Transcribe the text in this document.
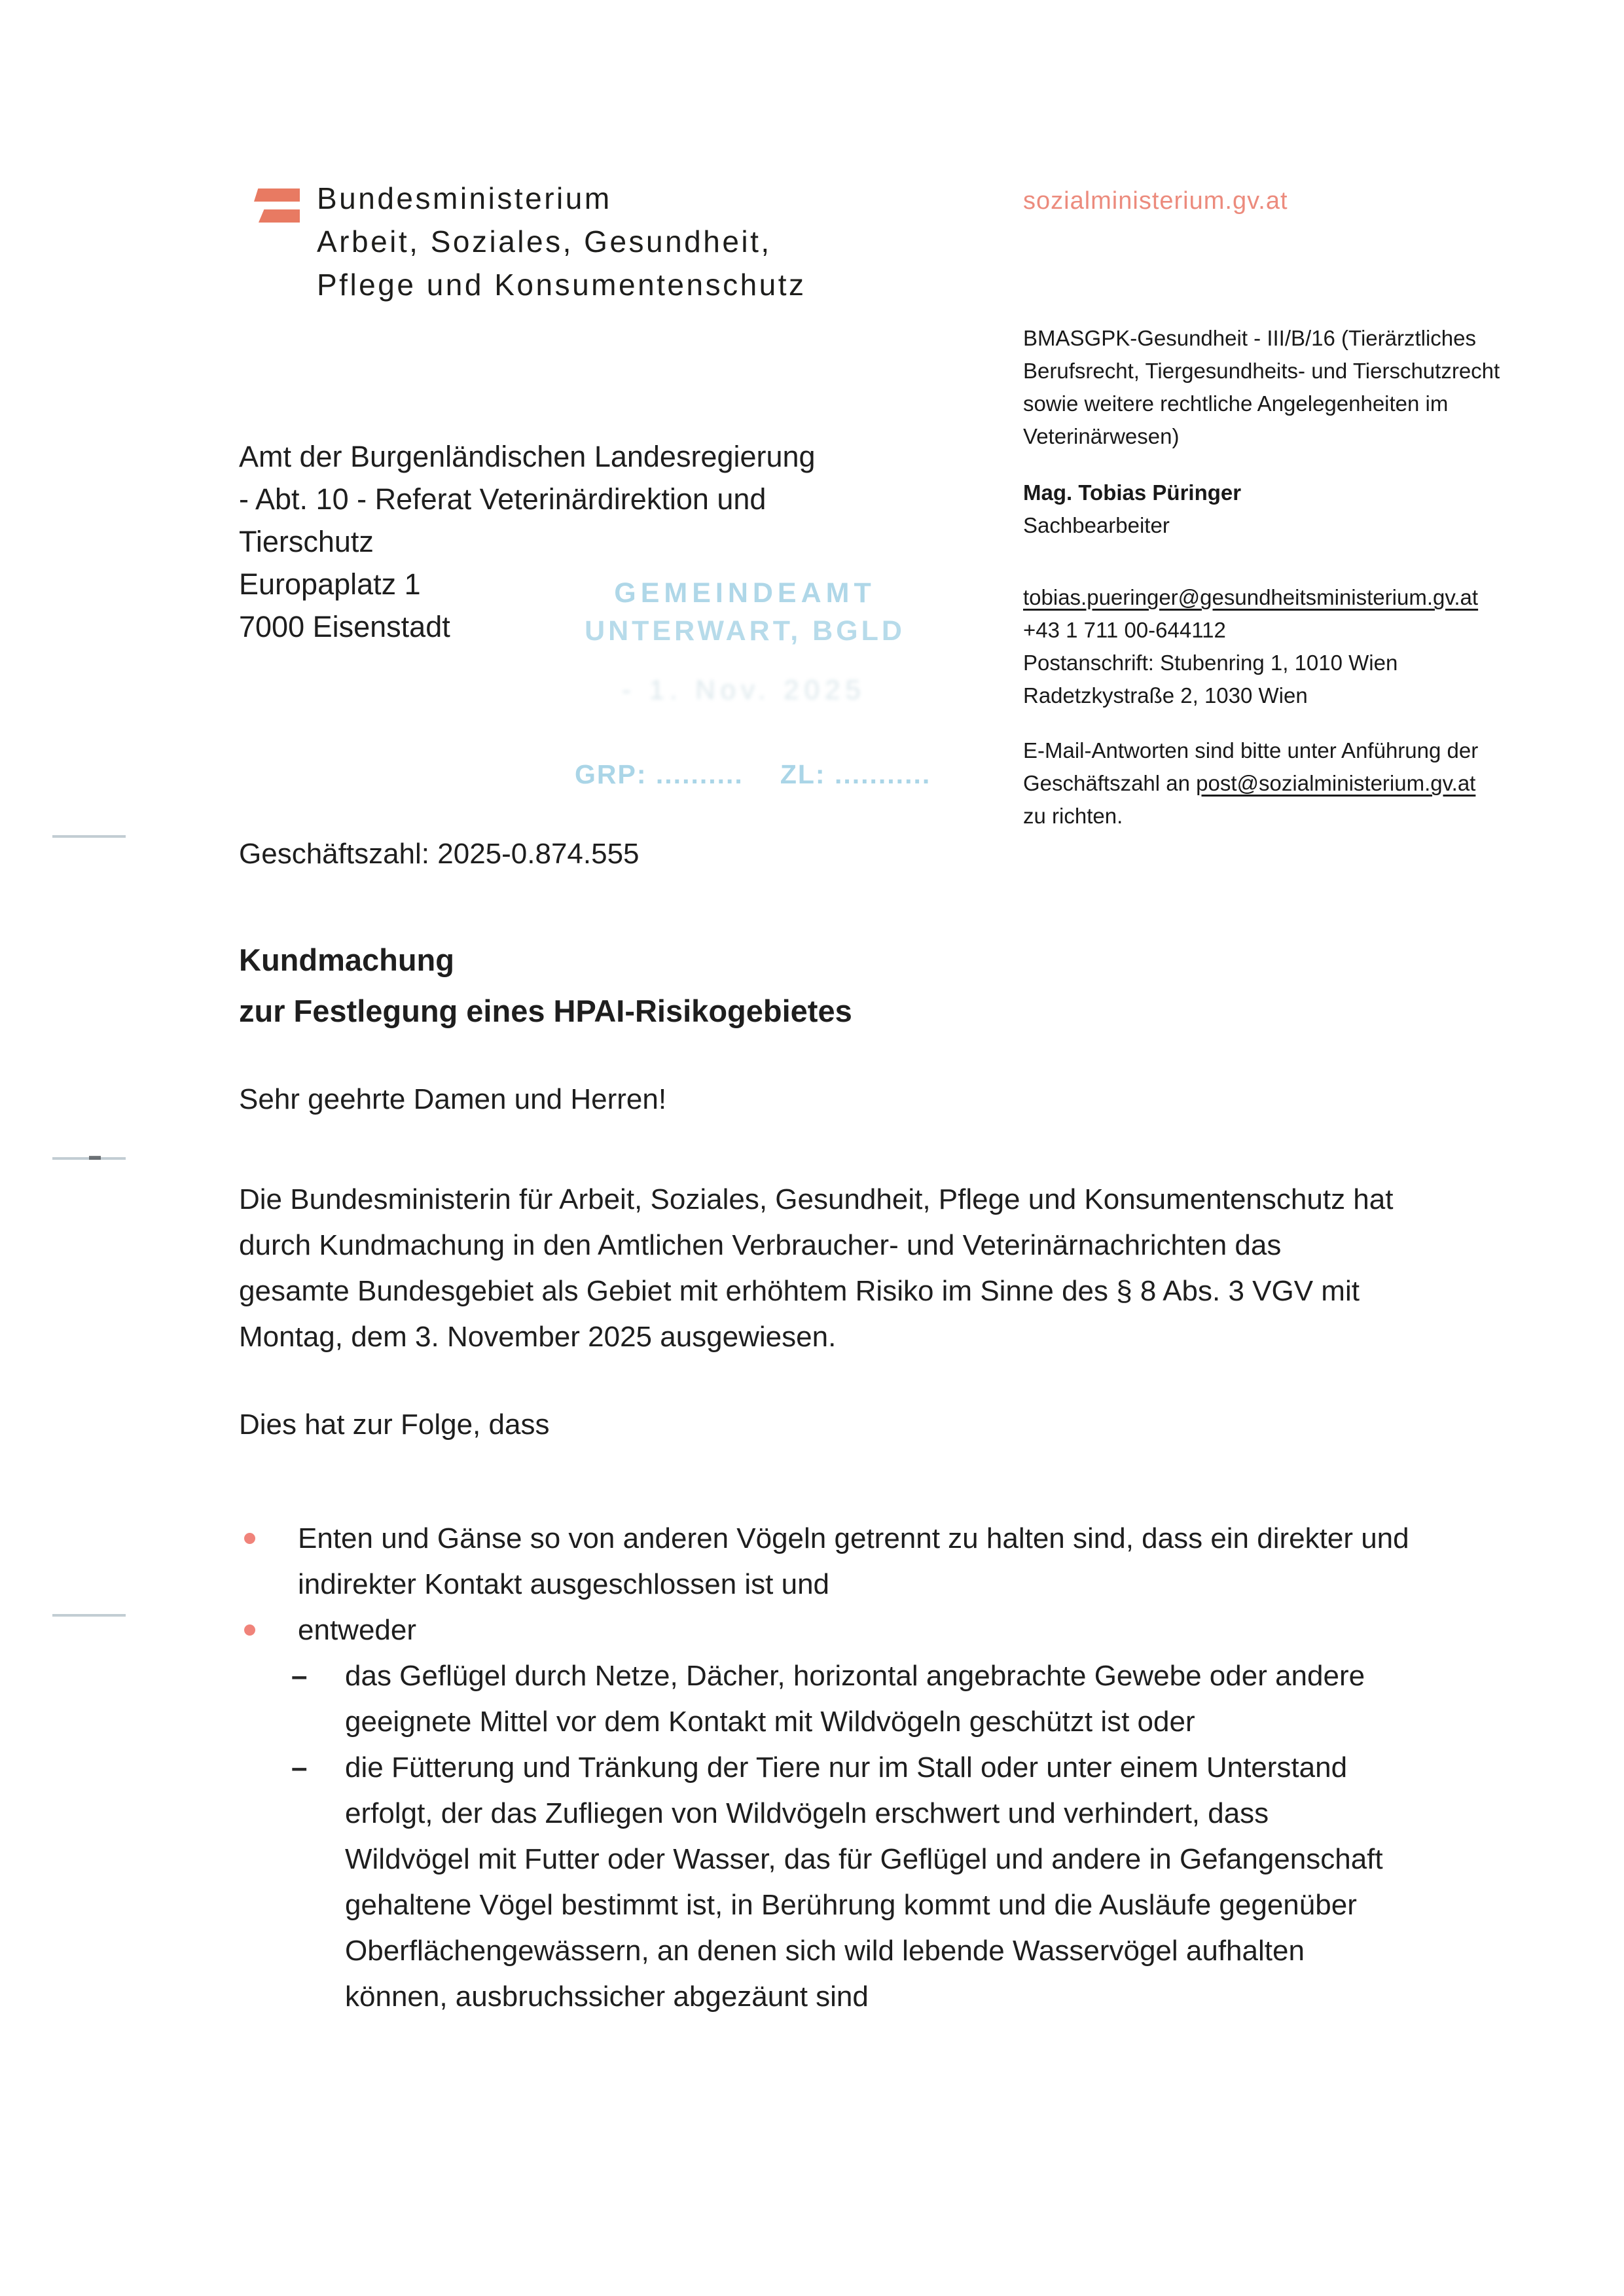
Bundesministerium
Arbeit, Soziales, Gesundheit,
Pflege und Konsumentenschutz
sozialministerium.gv.at
BMASGPK-Gesundheit - III/B/16 (Tierärztliches
Berufsrecht, Tiergesundheits- und Tierschutzrecht
sowie weitere rechtliche Angelegenheiten im
Veterinärwesen)
Mag. Tobias Püringer
Sachbearbeiter
tobias.pueringer@gesundheitsministerium.gv.at
+43 1 711 00-644112
Postanschrift: Stubenring 1, 1010 Wien
Radetzkystraße 2, 1030 Wien
E-Mail-Antworten sind bitte unter Anführung der
Geschäftszahl an post@sozialministerium.gv.at
zu richten.
Amt der Burgenländischen Landesregierung
- Abt. 10 - Referat Veterinärdirektion und
Tierschutz
Europaplatz 1
7000 Eisenstadt
GEMEINDEAMT
UNTERWART, BGLD
- 1. Nov. 2025
GRP: .......... ZL: ...........
Geschäftszahl: 2025-0.874.555
Kundmachung
zur Festlegung eines HPAI-Risikogebietes
Sehr geehrte Damen und Herren!
Die Bundesministerin für Arbeit, Soziales, Gesundheit, Pflege und Konsumentenschutz hat
durch Kundmachung in den Amtlichen Verbraucher- und Veterinärnachrichten das
gesamte Bundesgebiet als Gebiet mit erhöhtem Risiko im Sinne des § 8 Abs. 3 VGV mit
Montag, dem 3. November 2025 ausgewiesen.
Dies hat zur Folge, dass
Enten und Gänse so von anderen Vögeln getrennt zu halten sind, dass ein direkter und
indirekter Kontakt ausgeschlossen ist und
entweder
–	das Geflügel durch Netze, Dächer, horizontal angebrachte Gewebe oder andere
geeignete Mittel vor dem Kontakt mit Wildvögeln geschützt ist oder
–	die Fütterung und Tränkung der Tiere nur im Stall oder unter einem Unterstand
erfolgt, der das Zufliegen von Wildvögeln erschwert und verhindert, dass
Wildvögel mit Futter oder Wasser, das für Geflügel und andere in Gefangenschaft
gehaltene Vögel bestimmt ist, in Berührung kommt und die Ausläufe gegenüber
Oberflächengewässern, an denen sich wild lebende Wasservögel aufhalten
können, ausbruchssicher abgezäunt sind
